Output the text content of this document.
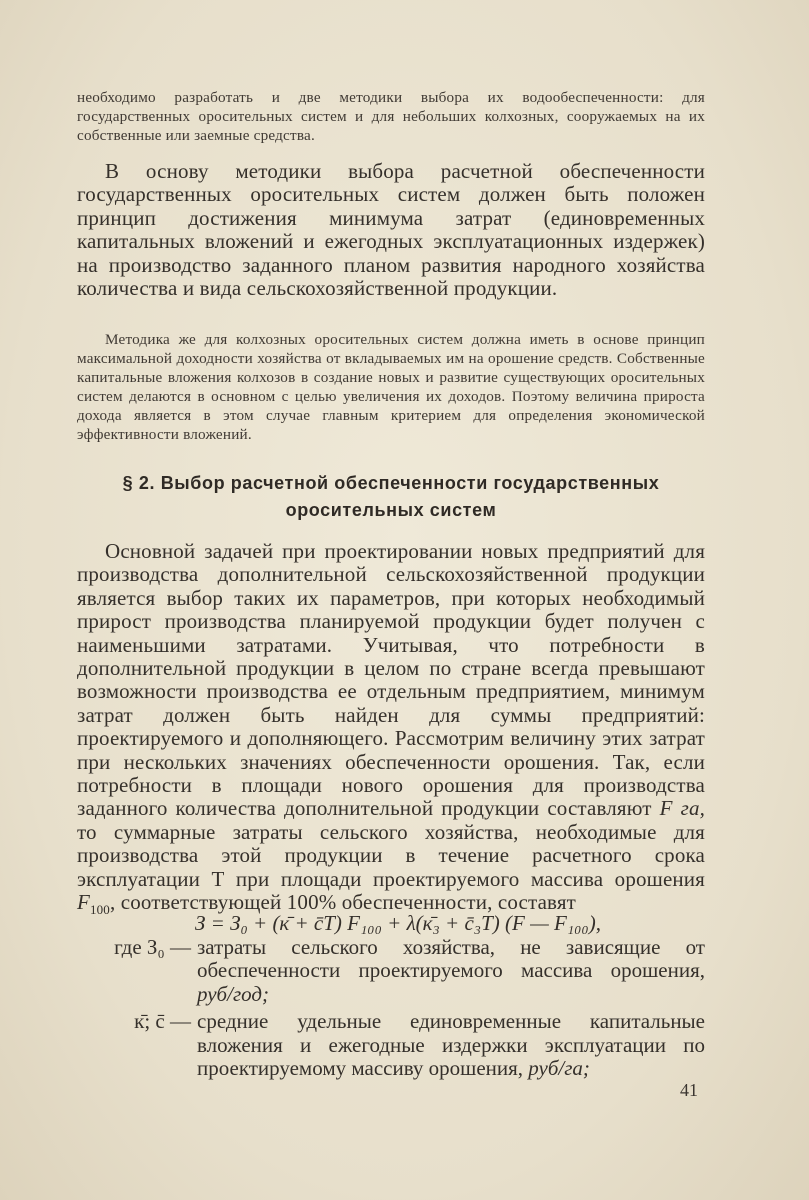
необходимо разработать и две методики выбора их водообеспеченности: для государственных оросительных систем и для небольших колхозных, сооружаемых на их собственные или заемные средства.

В основу методики выбора расчетной обеспеченности государственных оросительных систем должен быть положен принцип достижения минимума затрат (единовременных капитальных вложений и ежегодных эксплуатационных издержек) на производство заданного планом развития народного хозяйства количества и вида сельскохозяйственной продукции.

Методика же для колхозных оросительных систем должна иметь в основе принцип максимальной доходности хозяйства от вкладываемых им на орошение средств. Собственные капитальные вложения колхозов в создание новых и развитие существующих оросительных систем делаются в основном с целью увеличения их доходов. Поэтому величина прироста дохода является в этом случае главным критерием для определения экономической эффективности вложений.

§ 2. Выбор расчетной обеспеченности государственных оросительных систем

Основной задачей при проектировании новых предприятий для производства дополнительной сельскохозяйственной продукции является выбор таких их параметров, при которых необходимый прирост производства планируемой продукции будет получен с наименьшими затратами. Учитывая, что потребности в дополнительной продукции в целом по стране всегда превышают возможности производства ее отдельным предприятием, минимум затрат должен быть найден для суммы предприятий: проектируемого и дополняющего. Рассмотрим величину этих затрат при нескольких значениях обеспеченности орошения. Так, если потребности в площади нового орошения для производства заданного количества дополнительной продукции составляют F га, то суммарные затраты сельского хозяйства, необходимые для производства этой продукции в течение расчетного срока эксплуатации Т при площади проектируемого массива орошения $F_{100}$, соответствующей 100% обеспеченности, составят

З = З₀ + (к̄ + c̄T) F₁₀₀ + λ(к̄₃ + c̄₃T) (F — F₁₀₀),

где З₀ — затраты сельского хозяйства, не зависящие от обеспеченности проектируемого массива орошения, руб/год;
к̄; c̄ — средние удельные единовременные капитальные вложения и ежегодные издержки эксплуатации по проектируемому массиву орошения, руб/га;
41
